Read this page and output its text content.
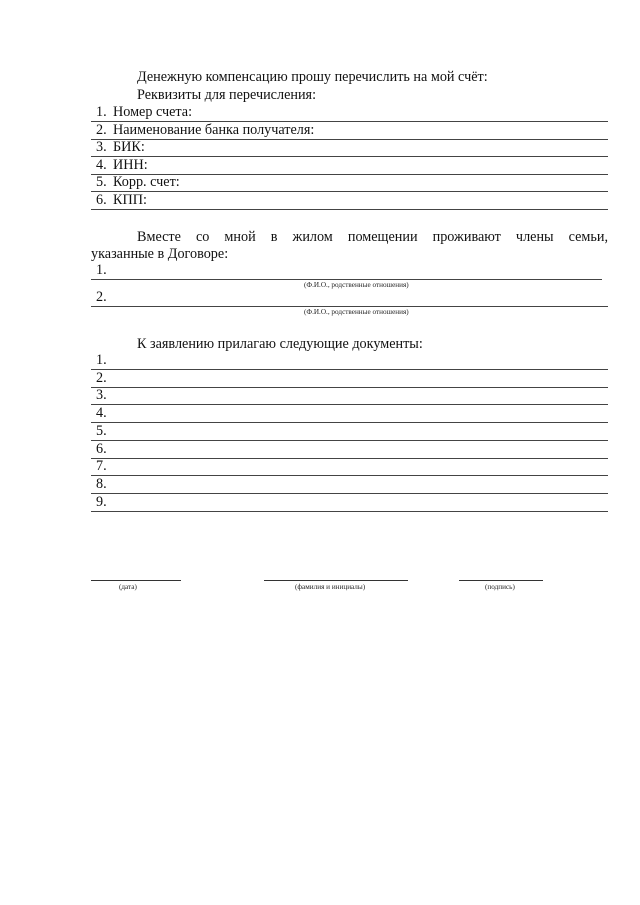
Денежную компенсацию прошу перечислить на мой счёт:
Реквизиты для перечисления:
1. Номер счета:
2. Наименование банка получателя:
3. БИК:
4. ИНН:
5. Корр. счет:
6. КПП:
Вместе со мной в жилом помещении проживают члены семьи,
указанные в Договоре:
1.
(Ф.И.О., родственные отношения)
2.
(Ф.И.О., родственные отношения)
К заявлению прилагаю следующие документы:
1.
2.
3.
4.
5.
6.
7.
8.
9.
(дата)	(фамилия и инициалы)	(подпись)
